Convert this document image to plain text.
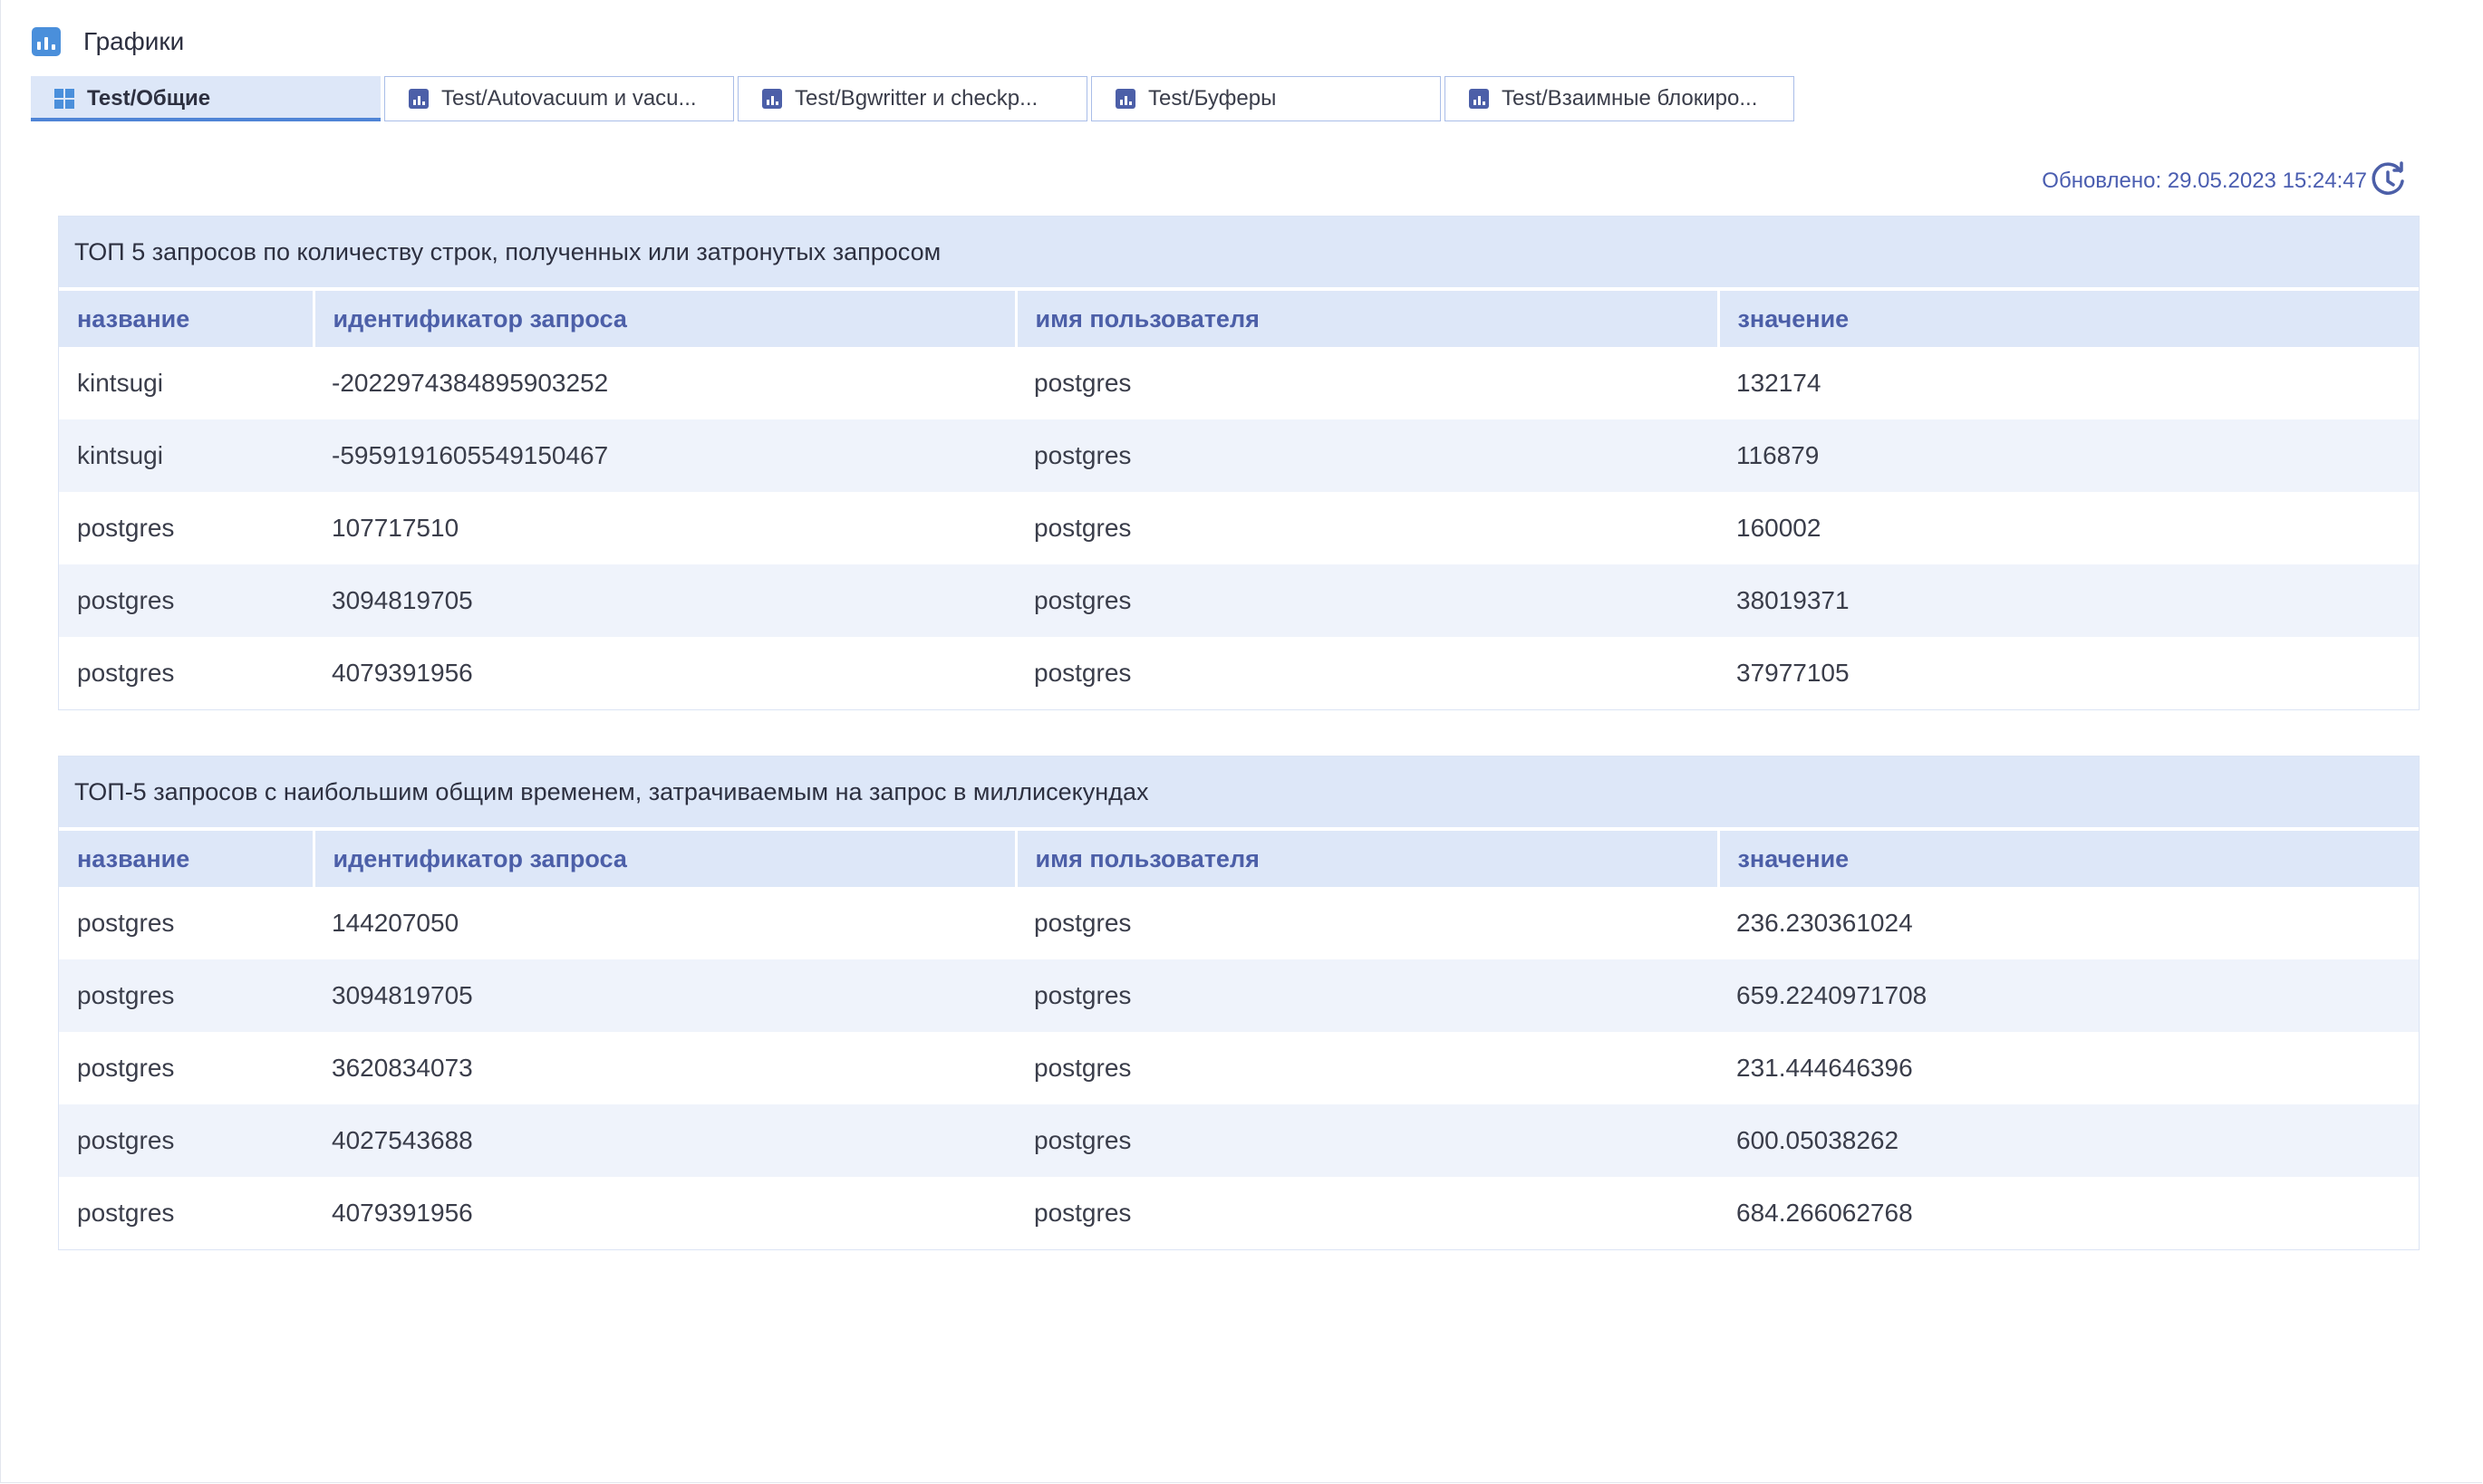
Графики
Test/Общие	Test/Autovacuum и vacu...	Test/Bgwritter и checkp...	Test/Буферы	Test/Взаимные блокиро...
Обновлено: 29.05.2023 15:24:47
ТОП 5 запросов по количеству строк, полученных или затронутых запросом
название	идентификатор запроса	имя пользователя	значение
kintsugi	-2022974384895903252	postgres	132174
kintsugi	-5959191605549150467	postgres	116879
postgres	107717510	postgres	160002
postgres	3094819705	postgres	38019371
postgres	4079391956	postgres	37977105
ТОП-5 запросов с наибольшим общим временем, затрачиваемым на запрос в миллисекундах
название	идентификатор запроса	имя пользователя	значение
postgres	144207050	postgres	236.230361024
postgres	3094819705	postgres	659.2240971708
postgres	3620834073	postgres	231.444646396
postgres	4027543688	postgres	600.05038262
postgres	4079391956	postgres	684.266062768
